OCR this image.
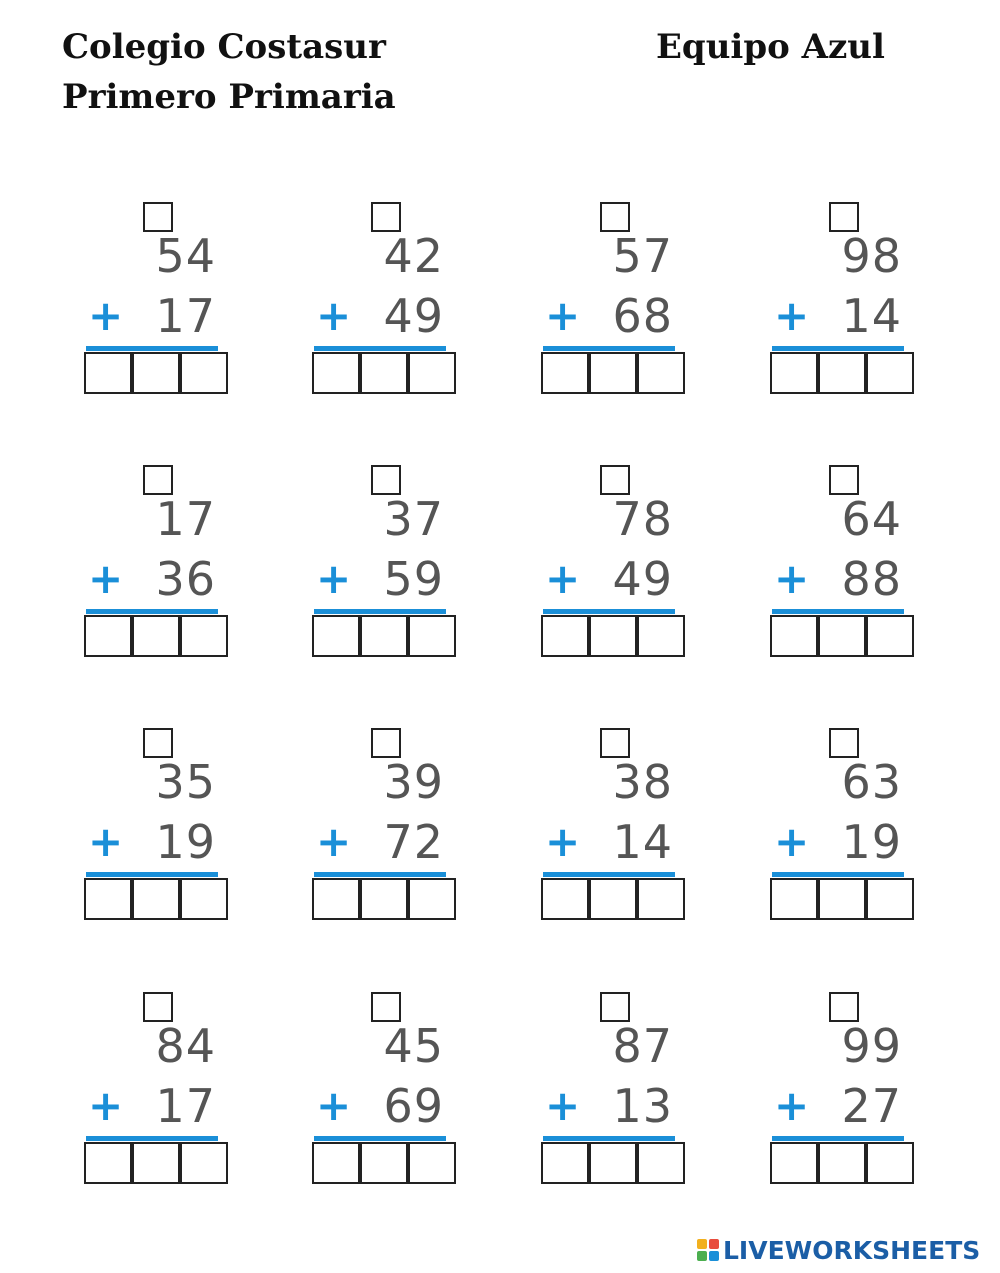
Colegio Costasur
Primero Primaria
Equipo Azul
54
+ 17
42
+ 49
57
+ 68
98
+ 14
17
+ 36
37
+ 59
78
+ 49
64
+ 88
35
+ 19
39
+ 72
38
+ 14
63
+ 19
84
+ 17
45
+ 69
87
+ 13
99
+ 27
LIVEWORKSHEETS
